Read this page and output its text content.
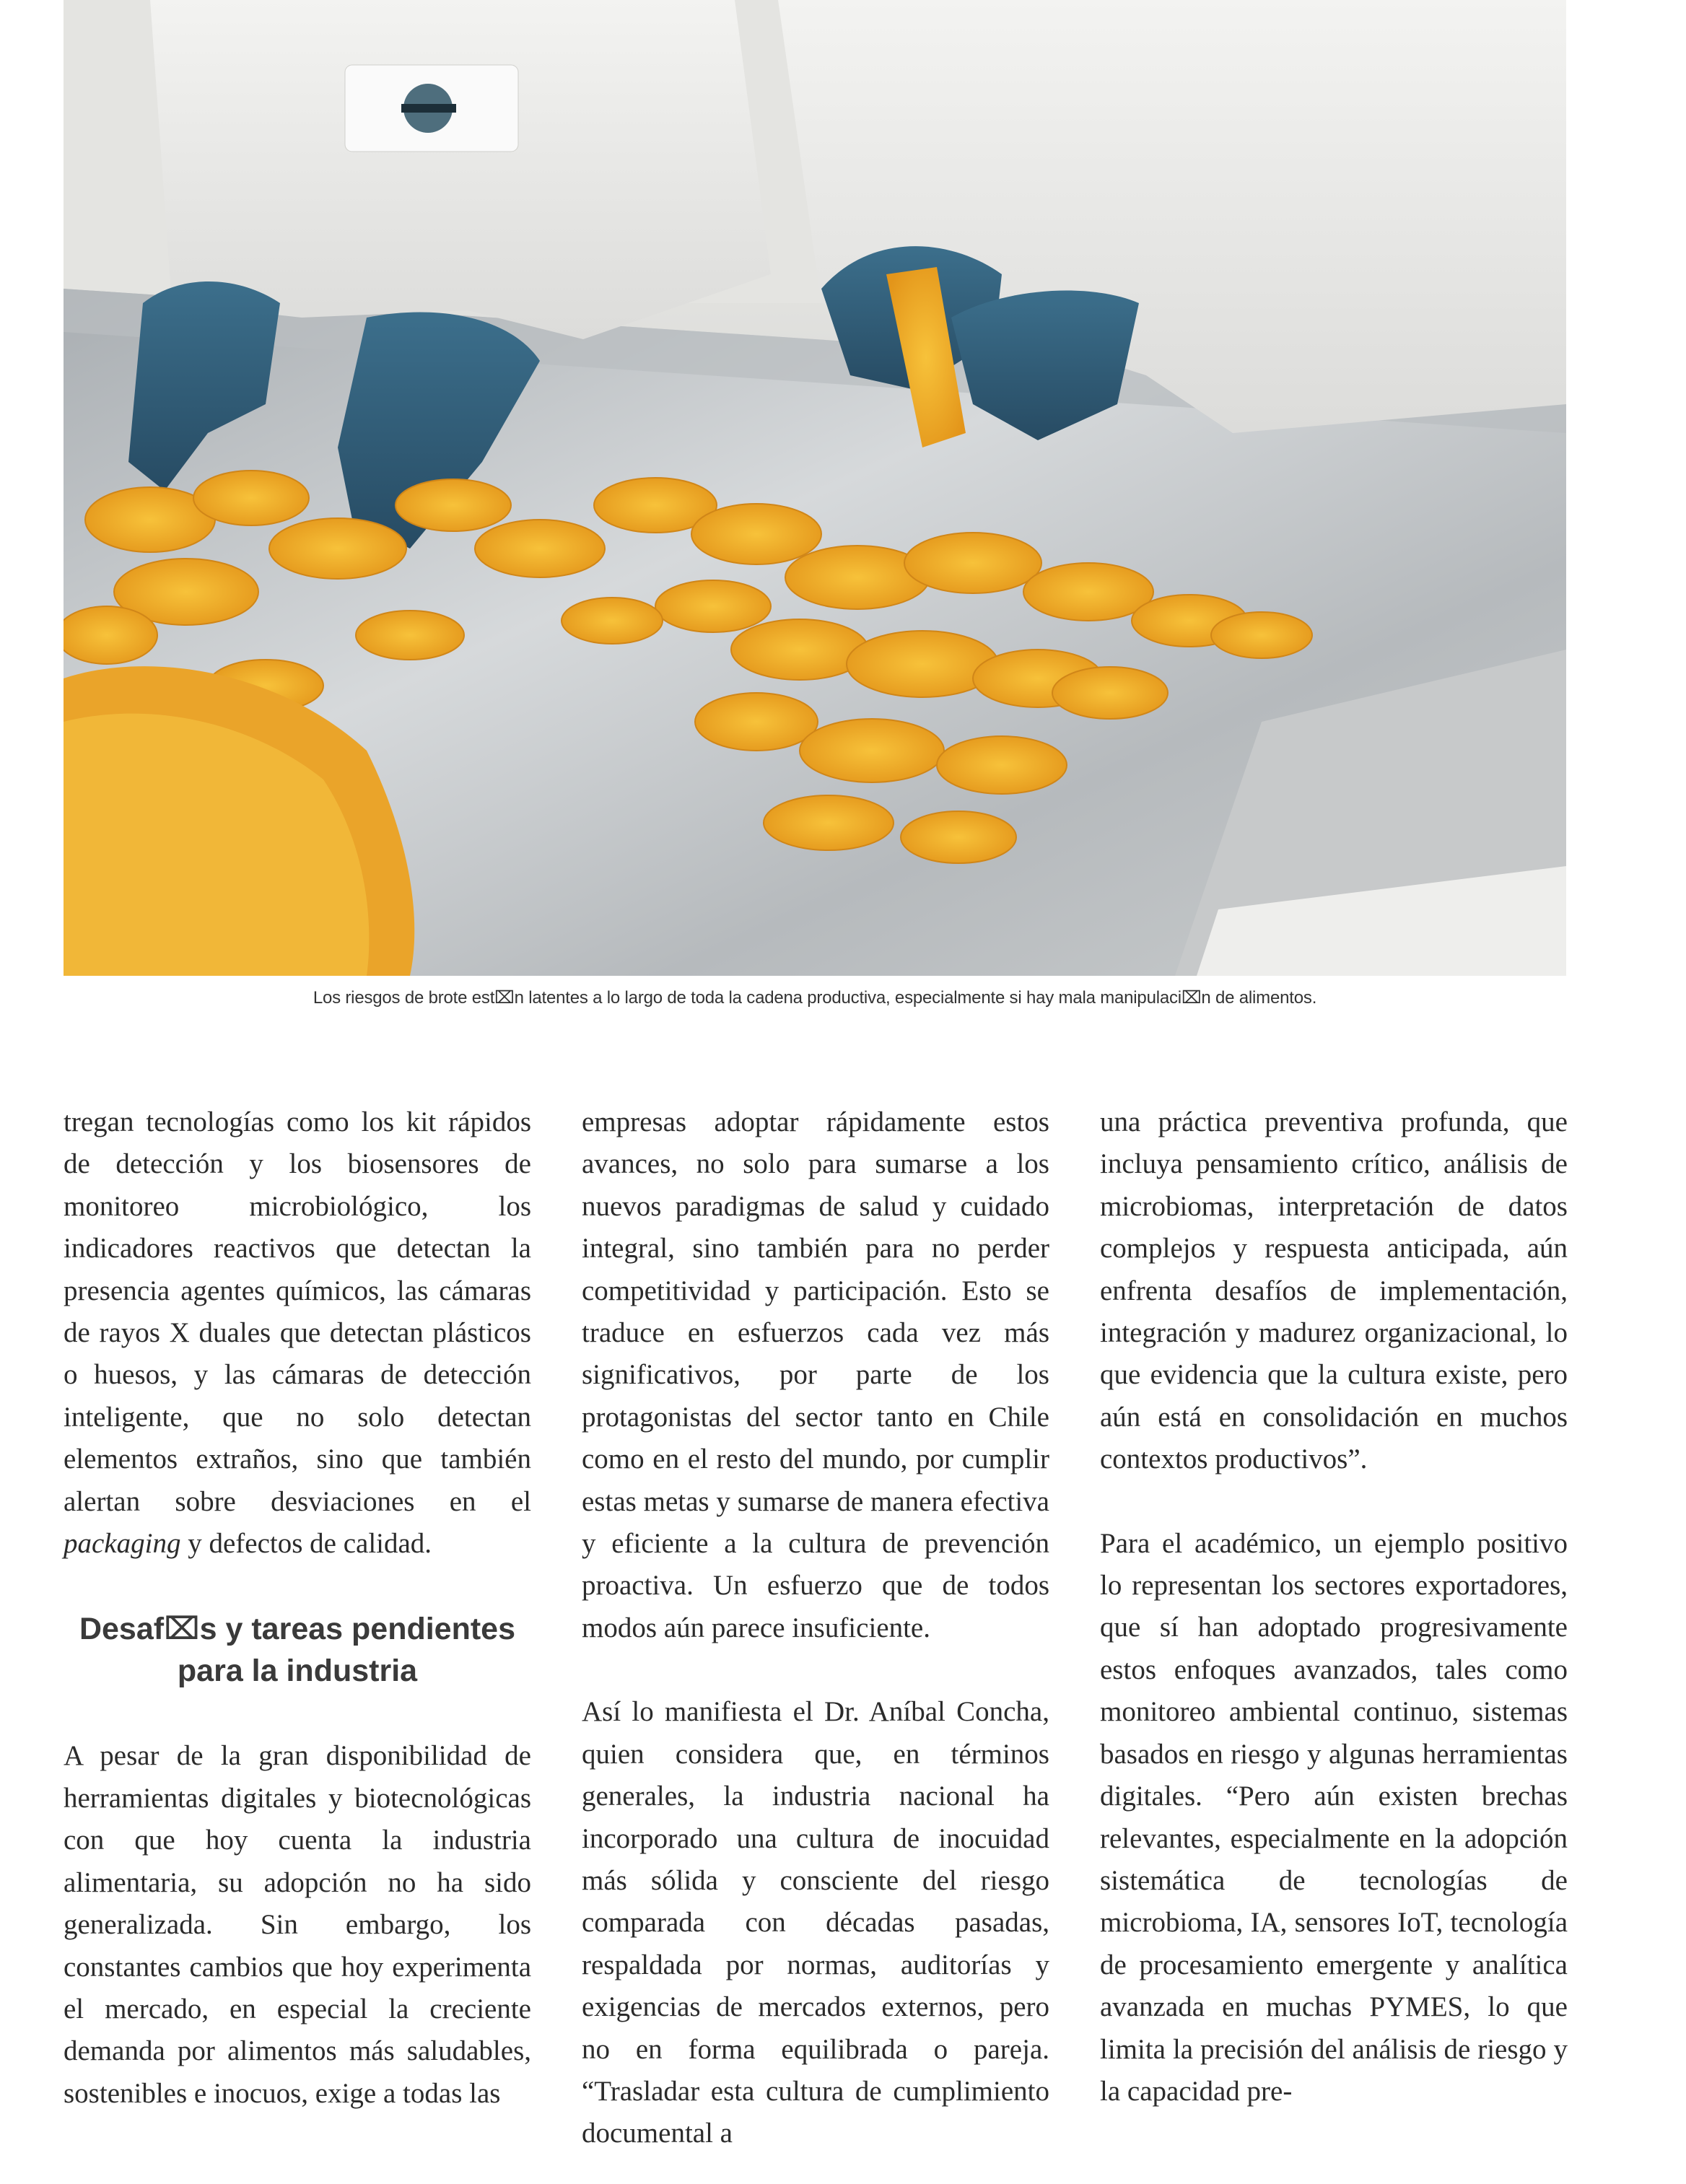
Los riesgos de brote est⌧n latentes a lo largo de toda la cadena productiva, especialmente si hay mala manipulaci⌧n de alimentos.

tregan tecnologías como los kit rápidos de detección y los biosensores de monitoreo microbiológico, los indicadores reactivos que detectan la presencia agentes químicos, las cámaras de rayos X duales que detectan plásticos o huesos, y las cámaras de detección inteligente, que no solo detectan elementos extraños, sino que también alertan sobre desviaciones en el packaging y defectos de calidad.

Desaf⌧s y tareas pendientes
para la industria

A pesar de la gran disponibilidad de herramientas digitales y biotecnológicas con que hoy cuenta la industria alimentaria, su adopción no ha sido generalizada. Sin embargo, los constantes cambios que hoy experimenta el mercado, en especial la creciente demanda por alimentos más saludables, sostenibles e inocuos, exige a todas las

empresas adoptar rápidamente estos avances, no solo para sumarse a los nuevos paradigmas de salud y cuidado integral, sino también para no perder competitividad y participación. Esto se traduce en esfuerzos cada vez más significativos, por parte de los protagonistas del sector tanto en Chile como en el resto del mundo, por cumplir estas metas y sumarse de manera efectiva y eficiente a la cultura de prevención proactiva. Un esfuerzo que de todos modos aún parece insuficiente.

Así lo manifiesta el Dr. Aníbal Concha, quien considera que, en términos generales, la industria nacional ha incorporado una cultura de inocuidad más sólida y consciente del riesgo comparada con décadas pasadas, respaldada por normas, auditorías y exigencias de mercados externos, pero no en forma equilibrada o pareja. “Trasladar esta cultura de cumplimiento documental a

una práctica preventiva profunda, que incluya pensamiento crítico, análisis de microbiomas, interpretación de datos complejos y respuesta anticipada, aún enfrenta desafíos de implementación, integración y madurez organizacional, lo que evidencia que la cultura existe, pero aún está en consolidación en muchos contextos productivos”.

Para el académico, un ejemplo positivo lo representan los sectores exportadores, que sí han adoptado progresivamente estos enfoques avanzados, tales como monitoreo ambiental continuo, sistemas basados en riesgo y algunas herramientas digitales. “Pero aún existen brechas relevantes, especialmente en la adopción sistemática de tecnologías de microbioma, IA, sensores IoT, tecnología de procesamiento emergente y analítica avanzada en muchas PYMES, lo que limita la precisión del análisis de riesgo y la capacidad pre-
